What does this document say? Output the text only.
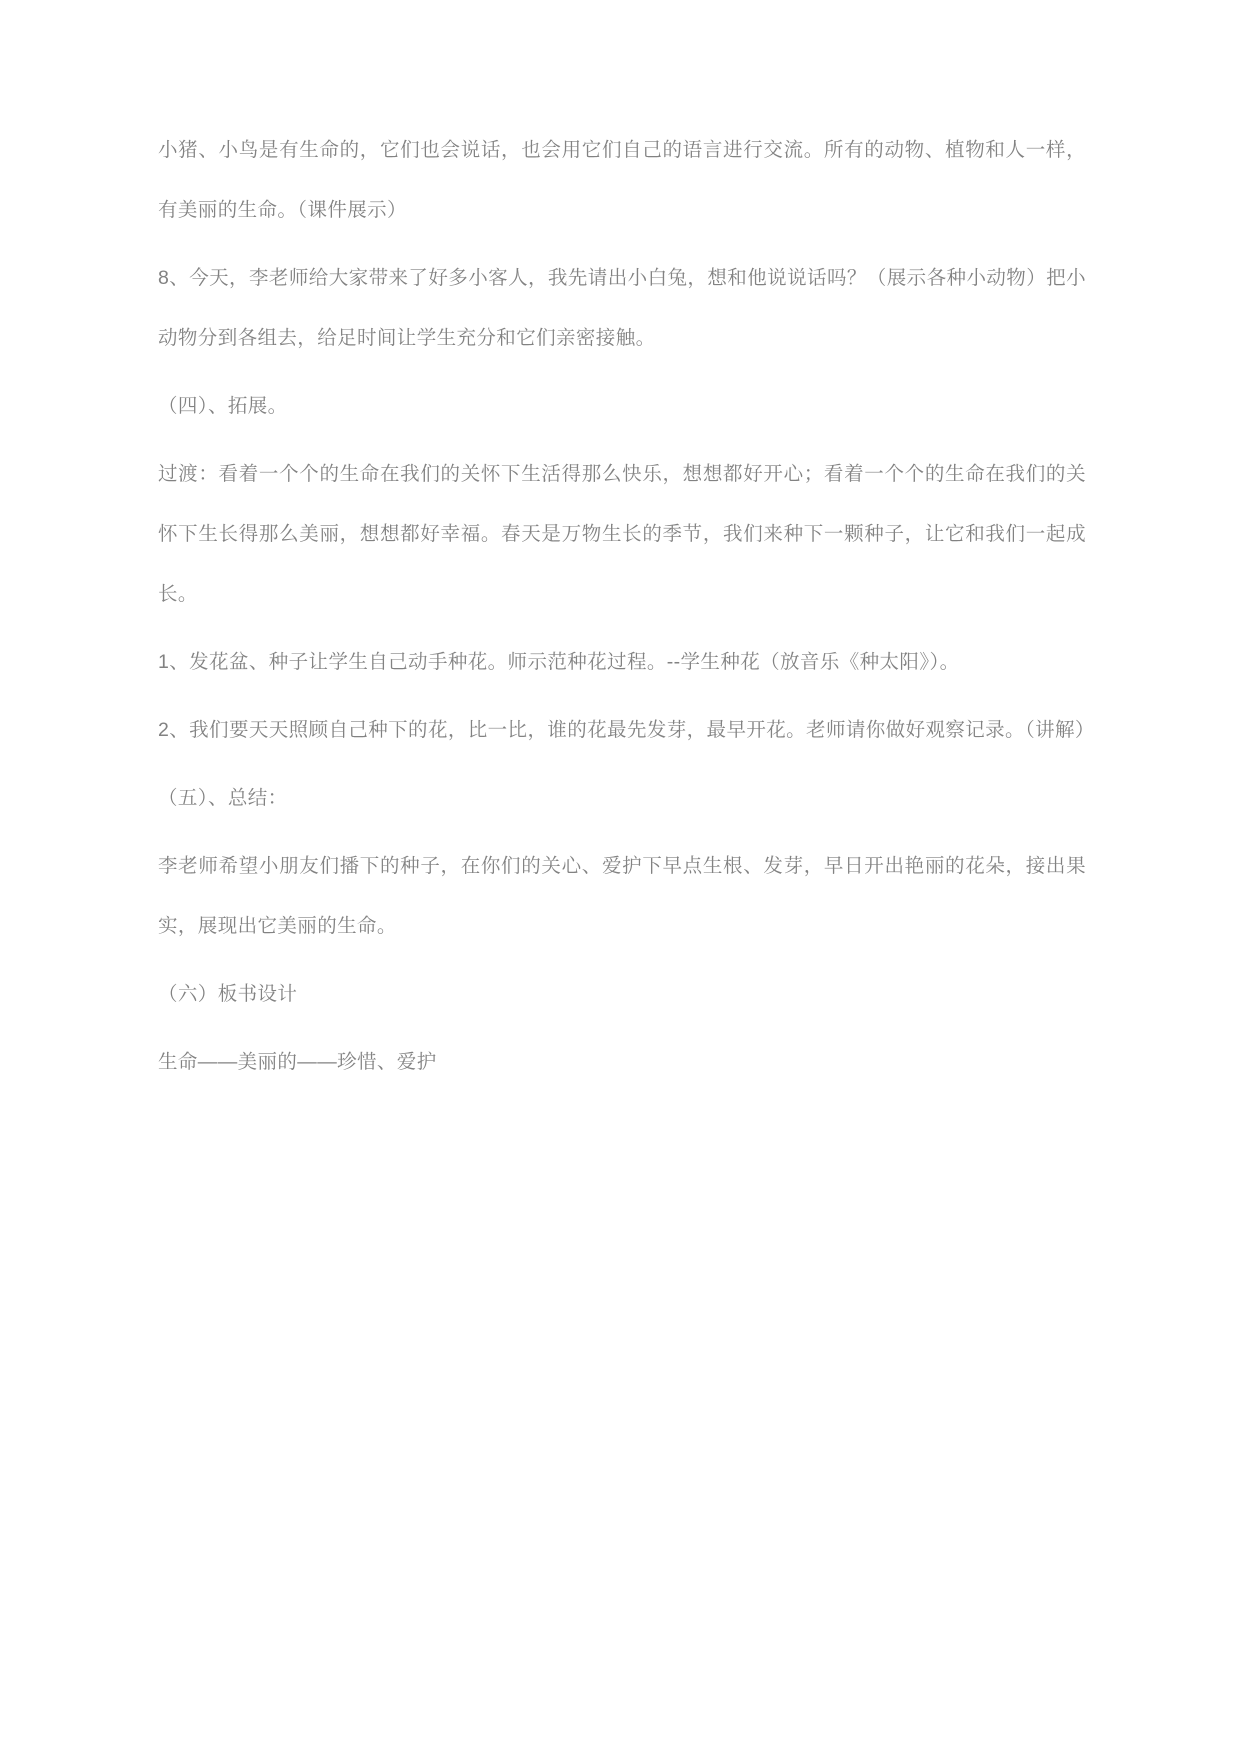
小猪、小鸟是有生命的，它们也会说话，也会用它们自己的语言进行交流。所有的动物、植物和人一样，有美丽的生命。（课件展示）

8、今天，李老师给大家带来了好多小客人，我先请出小白兔，想和他说说话吗？（展示各种小动物）把小动物分到各组去，给足时间让学生充分和它们亲密接触。

（四）、拓展。

过渡：看着一个个的生命在我们的关怀下生活得那么快乐，想想都好开心；看着一个个的生命在我们的关怀下生长得那么美丽，想想都好幸福。春天是万物生长的季节，我们来种下一颗种子，让它和我们一起成长。

1、发花盆、种子让学生自己动手种花。师示范种花过程。--学生种花（放音乐《种太阳》）。

2、我们要天天照顾自己种下的花，比一比，谁的花最先发芽，最早开花。老师请你做好观察记录。（讲解）

（五）、总结：

李老师希望小朋友们播下的种子，在你们的关心、爱护下早点生根、发芽，早日开出艳丽的花朵，接出果实，展现出它美丽的生命。

（六）板书设计

生命——美丽的——珍惜、爱护
